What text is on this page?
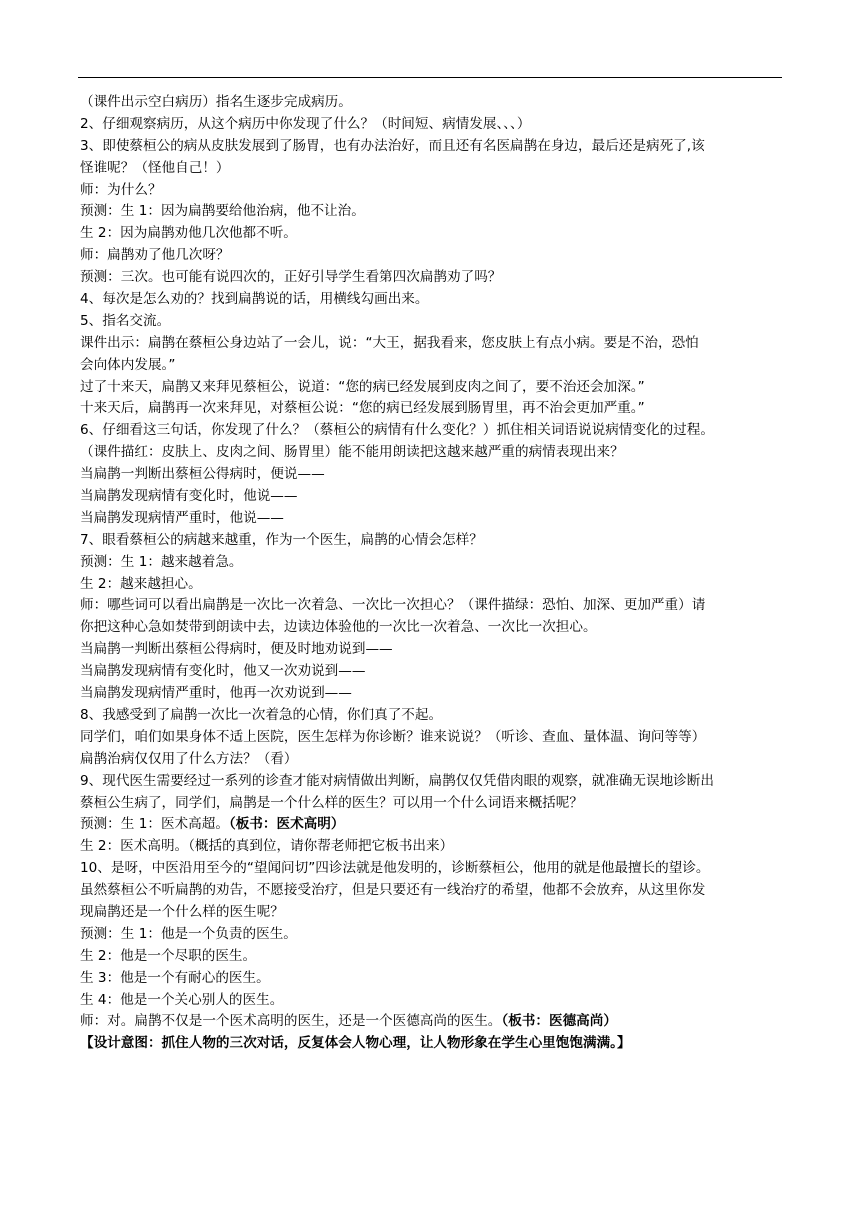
（课件出示空白病历）指名生逐步完成病历。
2、仔细观察病历，从这个病历中你发现了什么？（时间短、病情发展、、、）
3、即使蔡桓公的病从皮肤发展到了肠胃，也有办法治好，而且还有名医扁鹊在身边，最后还是病死了,该
怪谁呢？（怪他自己！）
师：为什么？
预测：生 1：因为扁鹊要给他治病，他不让治。
生 2：因为扁鹊劝他几次他都不听。
师：扁鹊劝了他几次呀？
预测：三次。也可能有说四次的，正好引导学生看第四次扁鹊劝了吗？
4、每次是怎么劝的？找到扁鹊说的话，用横线勾画出来。
5、指名交流。
课件出示：扁鹊在蔡桓公身边站了一会儿，说：“大王，据我看来，您皮肤上有点小病。要是不治，恐怕
会向体内发展。”
过了十来天，扁鹊又来拜见蔡桓公，说道：“您的病已经发展到皮肉之间了，要不治还会加深。”
十来天后，扁鹊再一次来拜见，对蔡桓公说：“您的病已经发展到肠胃里，再不治会更加严重。”
6、仔细看这三句话，你发现了什么？（蔡桓公的病情有什么变化？）抓住相关词语说说病情变化的过程。
（课件描红：皮肤上、皮肉之间、肠胃里）能不能用朗读把这越来越严重的病情表现出来？
当扁鹊一判断出蔡桓公得病时，便说——
当扁鹊发现病情有变化时，他说——
当扁鹊发现病情严重时，他说——
7、眼看蔡桓公的病越来越重，作为一个医生，扁鹊的心情会怎样？
预测：生 1：越来越着急。
生 2：越来越担心。
师：哪些词可以看出扁鹊是一次比一次着急、一次比一次担心？（课件描绿：恐怕、加深、更加严重）请
你把这种心急如焚带到朗读中去，边读边体验他的一次比一次着急、一次比一次担心。
当扁鹊一判断出蔡桓公得病时，便及时地劝说到——
当扁鹊发现病情有变化时，他又一次劝说到——
当扁鹊发现病情严重时，他再一次劝说到——
8、我感受到了扁鹊一次比一次着急的心情，你们真了不起。
同学们，咱们如果身体不适上医院，医生怎样为你诊断？谁来说说？（听诊、查血、量体温、询问等等）
扁鹊治病仅仅用了什么方法？（看）
9、现代医生需要经过一系列的诊查才能对病情做出判断，扁鹊仅仅凭借肉眼的观察，就准确无误地诊断出
蔡桓公生病了，同学们，扁鹊是一个什么样的医生？可以用一个什么词语来概括呢？
预测：生 1：医术高超。（板书：医术高明）
生 2：医术高明。（概括的真到位，请你帮老师把它板书出来）
10、是呀，中医沿用至今的“望闻问切”四诊法就是他发明的，诊断蔡桓公，他用的就是他最擅长的望诊。
虽然蔡桓公不听扁鹊的劝告，不愿接受治疗，但是只要还有一线治疗的希望，他都不会放弃，从这里你发
现扁鹊还是一个什么样的医生呢？
预测：生 1：他是一个负责的医生。
生 2：他是一个尽职的医生。
生 3：他是一个有耐心的医生。
生 4：他是一个关心别人的医生。
师：对。扁鹊不仅是一个医术高明的医生，还是一个医德高尚的医生。（板书：医德高尚）
【设计意图：抓住人物的三次对话，反复体会人物心理，让人物形象在学生心里饱饱满满。】
